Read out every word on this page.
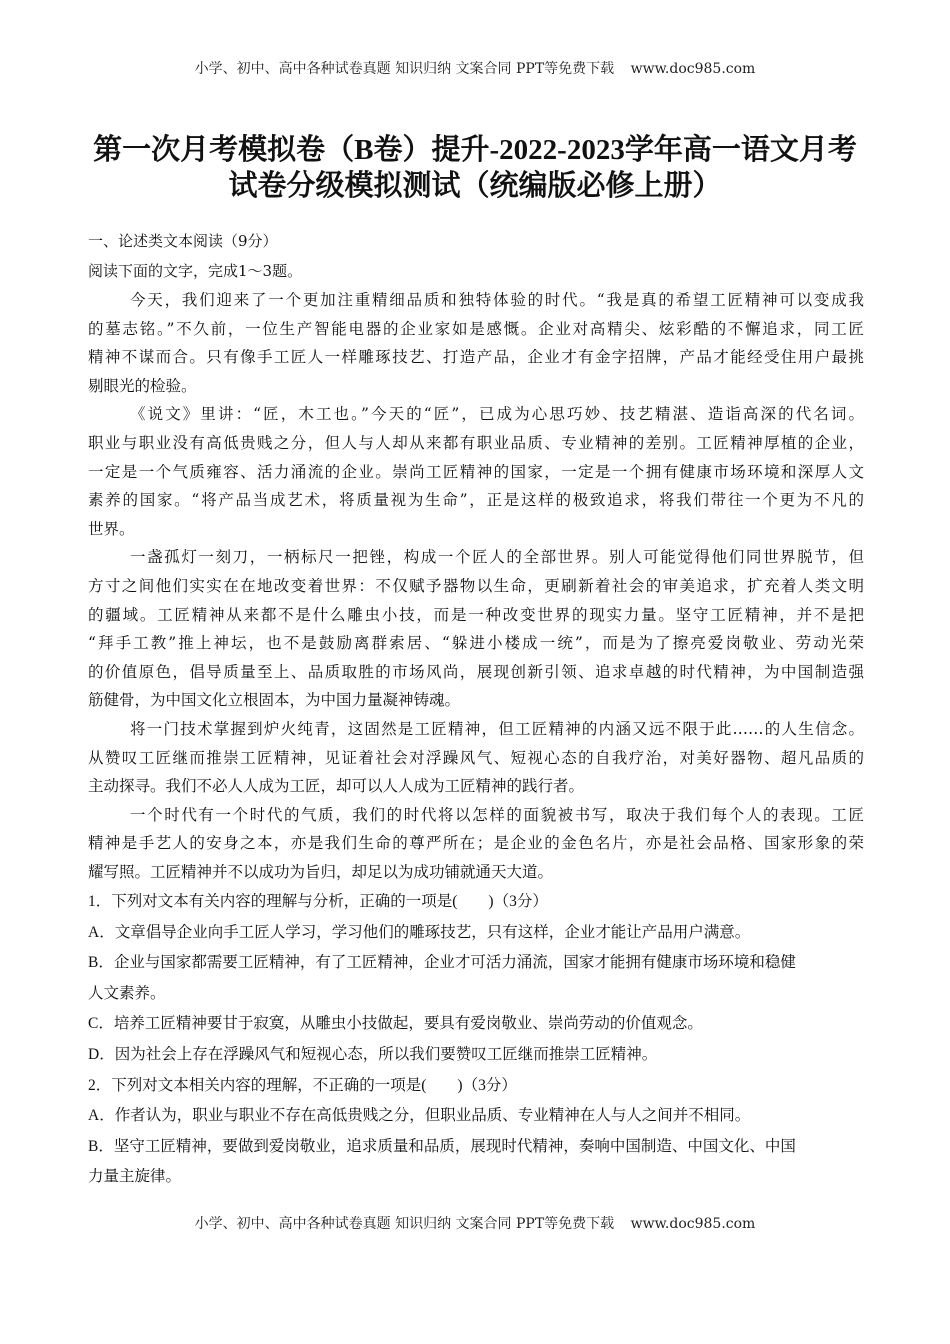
小学、初中、高中各种试卷真题 知识归纳 文案合同 PPT等免费下载 www.doc985.com
第一次月考模拟卷（B卷）提升-2022-2023学年高一语文月考
试卷分级模拟测试（统编版必修上册）
一、论述类文本阅读（9分）
阅读下面的文字，完成1～3题。
今天，我们迎来了一个更加注重精细品质和独特体验的时代。“我是真的希望工匠精神可以变成我
的墓志铭。”不久前，一位生产智能电器的企业家如是感慨。企业对高精尖、炫彩酷的不懈追求，同工匠
精神不谋而合。只有像手工匠人一样雕琢技艺、打造产品，企业才有金字招牌，产品才能经受住用户最挑
剔眼光的检验。
《说文》里讲：“匠，木工也。”今天的“匠”，已成为心思巧妙、技艺精湛、造诣高深的代名词。
职业与职业没有高低贵贱之分，但人与人却从来都有职业品质、专业精神的差别。工匠精神厚植的企业，
一定是一个气质雍容、活力涌流的企业。崇尚工匠精神的国家，一定是一个拥有健康市场环境和深厚人文
素养的国家。“将产品当成艺术，将质量视为生命”，正是这样的极致追求，将我们带往一个更为不凡的
世界。
一盏孤灯一刻刀，一柄标尺一把锉，构成一个匠人的全部世界。别人可能觉得他们同世界脱节，但
方寸之间他们实实在在地改变着世界：不仅赋予器物以生命，更刷新着社会的审美追求，扩充着人类文明
的疆域。工匠精神从来都不是什么雕虫小技，而是一种改变世界的现实力量。坚守工匠精神，并不是把
“拜手工教”推上神坛，也不是鼓励离群索居、“躲进小楼成一统”，而是为了擦亮爱岗敬业、劳动光荣
的价值原色，倡导质量至上、品质取胜的市场风尚，展现创新引领、追求卓越的时代精神，为中国制造强
筋健骨，为中国文化立根固本，为中国力量凝神铸魂。
将一门技术掌握到炉火纯青，这固然是工匠精神，但工匠精神的内涵又远不限于此……的人生信念。
从赞叹工匠继而推崇工匠精神，见证着社会对浮躁风气、短视心态的自我疗治，对美好器物、超凡品质的
主动探寻。我们不必人人成为工匠，却可以人人成为工匠精神的践行者。
一个时代有一个时代的气质，我们的时代将以怎样的面貌被书写，取决于我们每个人的表现。工匠
精神是手艺人的安身之本，亦是我们生命的尊严所在；是企业的金色名片，亦是社会品格、国家形象的荣
耀写照。工匠精神并不以成功为旨归，却足以为成功铺就通天大道。
1．下列对文本有关内容的理解与分析，正确的一项是(　　)（3分）
A．文章倡导企业向手工匠人学习，学习他们的雕琢技艺，只有这样，企业才能让产品用户满意。
B．企业与国家都需要工匠精神，有了工匠精神，企业才可活力涌流，国家才能拥有健康市场环境和稳健
人文素养。
C．培养工匠精神要甘于寂寞，从雕虫小技做起，要具有爱岗敬业、崇尚劳动的价值观念。
D．因为社会上存在浮躁风气和短视心态，所以我们要赞叹工匠继而推崇工匠精神。
2．下列对文本相关内容的理解，不正确的一项是(　　)（3分）
A．作者认为，职业与职业不存在高低贵贱之分，但职业品质、专业精神在人与人之间并不相同。
B．坚守工匠精神，要做到爱岗敬业，追求质量和品质，展现时代精神，奏响中国制造、中国文化、中国
力量主旋律。
小学、初中、高中各种试卷真题 知识归纳 文案合同 PPT等免费下载 www.doc985.com
